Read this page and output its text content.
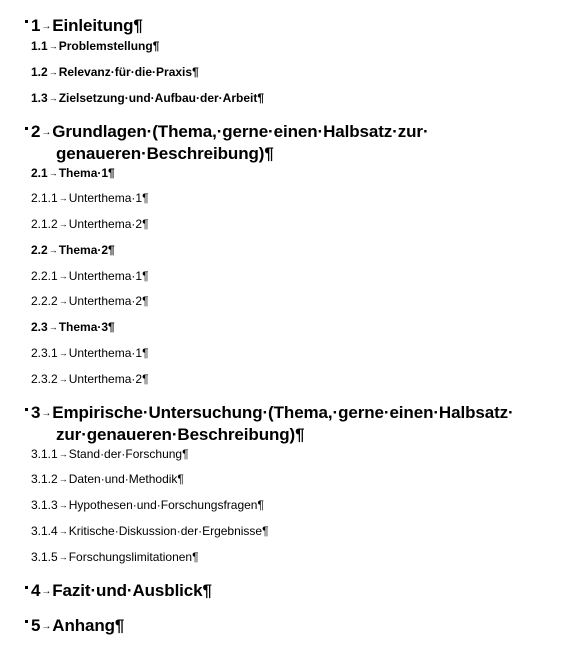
1→Einleitung¶
1.1→Problemstellung¶
1.2→Relevanz·für·die·Praxis¶
1.3→Zielsetzung·und·Aufbau·der·Arbeit¶
2→Grundlagen·(Thema,·gerne·einen·Halbsatz·zur·
genaueren·Beschreibung)¶
2.1→Thema·1¶
2.1.1→Unterthema·1¶
2.1.2→Unterthema·2¶
2.2→Thema·2¶
2.2.1→Unterthema·1¶
2.2.2→Unterthema·2¶
2.3→Thema·3¶
2.3.1→Unterthema·1¶
2.3.2→Unterthema·2¶
3→Empirische·Untersuchung·(Thema,·gerne·einen·Halbsatz·
zur·genaueren·Beschreibung)¶
3.1.1→Stand·der·Forschung¶
3.1.2→Daten·und·Methodik¶
3.1.3→Hypothesen·und·Forschungsfragen¶
3.1.4→Kritische·Diskussion·der·Ergebnisse¶
3.1.5→Forschungslimitationen¶
4→Fazit·und·Ausblick¶
5→Anhang¶
